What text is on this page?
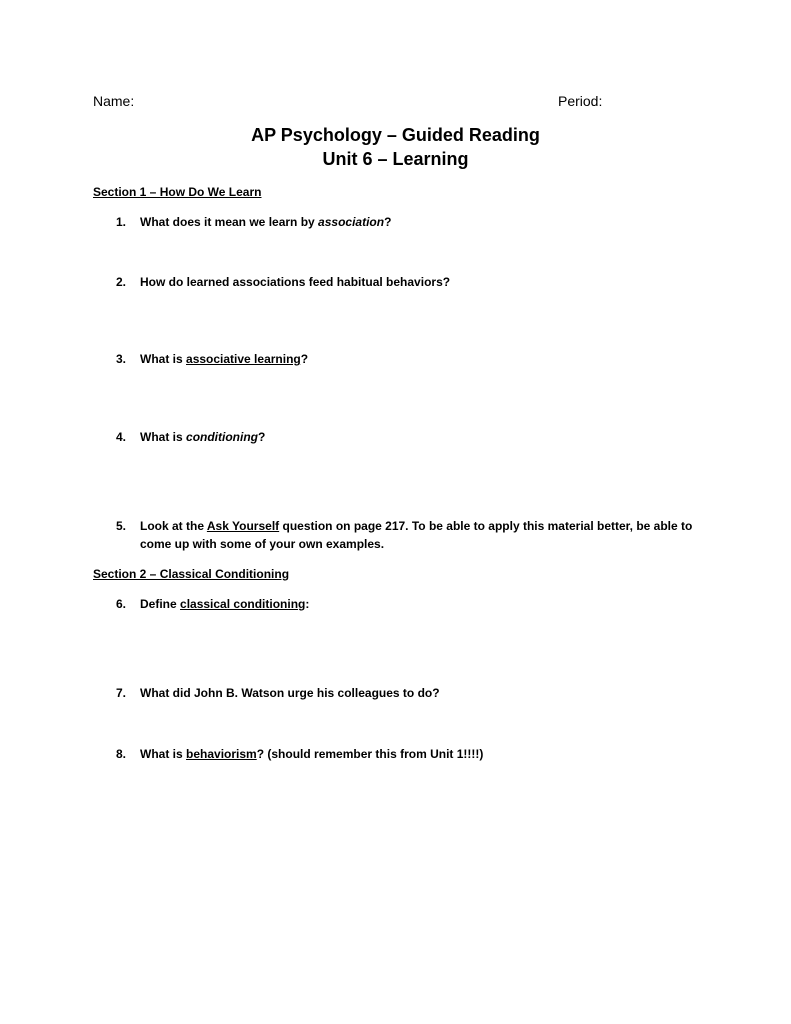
Name:	Period:
AP Psychology – Guided Reading
Unit 6 – Learning
Section 1 – How Do We Learn
1. What does it mean we learn by association?
2. How do learned associations feed habitual behaviors?
3. What is associative learning?
4. What is conditioning?
5. Look at the Ask Yourself question on page 217. To be able to apply this material better, be able to come up with some of your own examples.
Section 2 – Classical Conditioning
6. Define classical conditioning:
7. What did John B. Watson urge his colleagues to do?
8. What is behaviorism? (should remember this from Unit 1!!!!)
